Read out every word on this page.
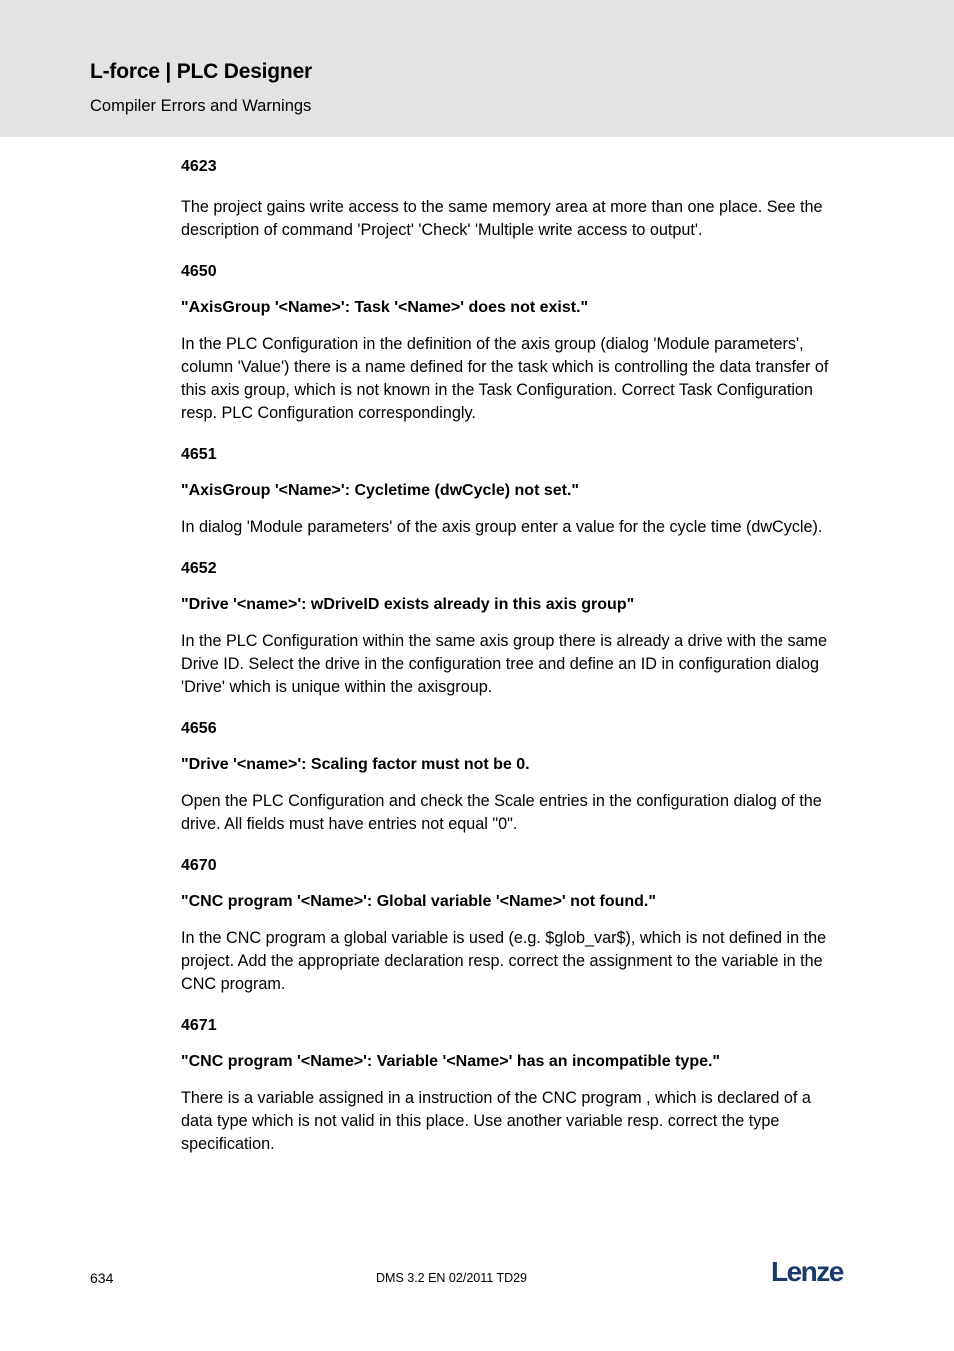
L-force | PLC Designer
Compiler Errors and Warnings

4623

The project gains write access to the same memory area at more than one place. See the description of command 'Project' 'Check' 'Multiple write access to output'.

4650

"AxisGroup '<Name>': Task '<Name>' does not exist."

In the PLC Configuration in the definition of the axis group (dialog 'Module parameters', column 'Value') there is a name defined for the task which is controlling the data transfer of this axis group, which is not known in the Task Configuration. Correct Task Configuration resp. PLC Configuration correspondingly.

4651

"AxisGroup '<Name>': Cycletime (dwCycle) not set."

In dialog 'Module parameters' of the axis group enter a value for the cycle time (dwCycle).

4652

"Drive '<name>': wDriveID exists already in this axis group"

In the PLC Configuration within the same axis group there is already a drive with the same Drive ID. Select the drive in the configuration tree and define an ID in configuration dialog 'Drive' which is unique within the axisgroup.

4656

"Drive '<name>': Scaling factor must not be 0.

Open the PLC Configuration and check the Scale entries in the configuration dialog of the drive. All fields must have entries not equal "0".

4670

"CNC program '<Name>': Global variable '<Name>' not found."

In the CNC program a global variable is used (e.g. $glob_var$), which is not defined in the project. Add the appropriate declaration resp. correct the assignment to the variable in the CNC program.

4671

"CNC program '<Name>': Variable '<Name>' has an incompatible type."

There is a variable assigned in a instruction of the CNC program , which is declared of a data type which is not valid in this place. Use another variable resp. correct the type specification.

634	DMS 3.2 EN 02/2011 TD29	Lenze
